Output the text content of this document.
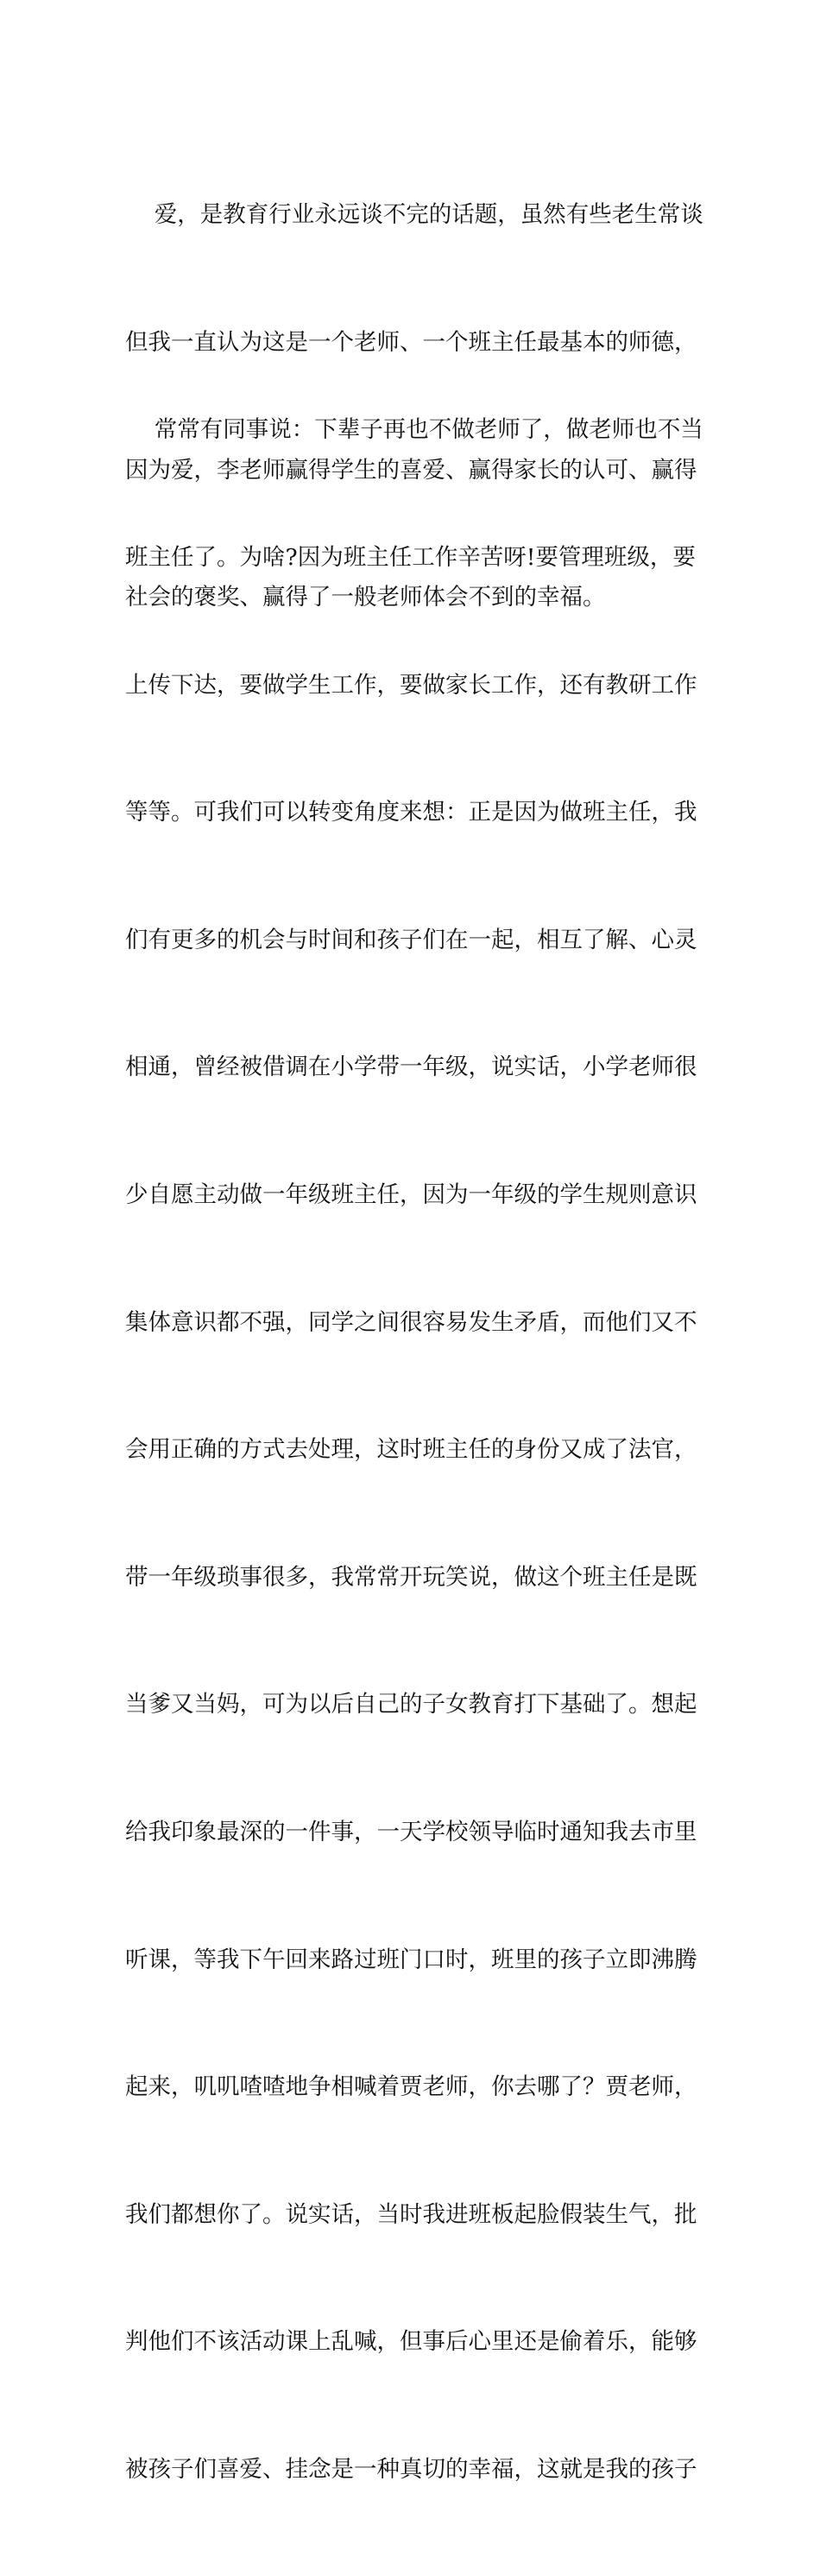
爱，是教育行业永远谈不完的话题，虽然有些老生常谈

但我一直认为这是一个老师、一个班主任最基本的师德，

因为爱，李老师赢得学生的喜爱、赢得家长的认可、赢得

社会的褒奖、赢得了一般老师体会不到的幸福。

常常有同事说：下辈子再也不做老师了，做老师也不当

班主任了。为啥?因为班主任工作辛苦呀!要管理班级，要

上传下达，要做学生工作，要做家长工作，还有教研工作

等等。可我们可以转变角度来想：正是因为做班主任，我

们有更多的机会与时间和孩子们在一起，相互了解、心灵

相通，曾经被借调在小学带一年级，说实话，小学老师很

少自愿主动做一年级班主任，因为一年级的学生规则意识

集体意识都不强，同学之间很容易发生矛盾，而他们又不

会用正确的方式去处理，这时班主任的身份又成了法官，

带一年级琐事很多，我常常开玩笑说，做这个班主任是既

当爹又当妈，可为以后自己的子女教育打下基础了。想起

给我印象最深的一件事，一天学校领导临时通知我去市里

听课，等我下午回来路过班门口时，班里的孩子立即沸腾

起来，叽叽喳喳地争相喊着贾老师，你去哪了？贾老师，

我们都想你了。说实话，当时我进班板起脸假装生气，批

判他们不该活动课上乱喊，但事后心里还是偷着乐，能够

被孩子们喜爱、挂念是一种真切的幸福，这就是我的孩子
